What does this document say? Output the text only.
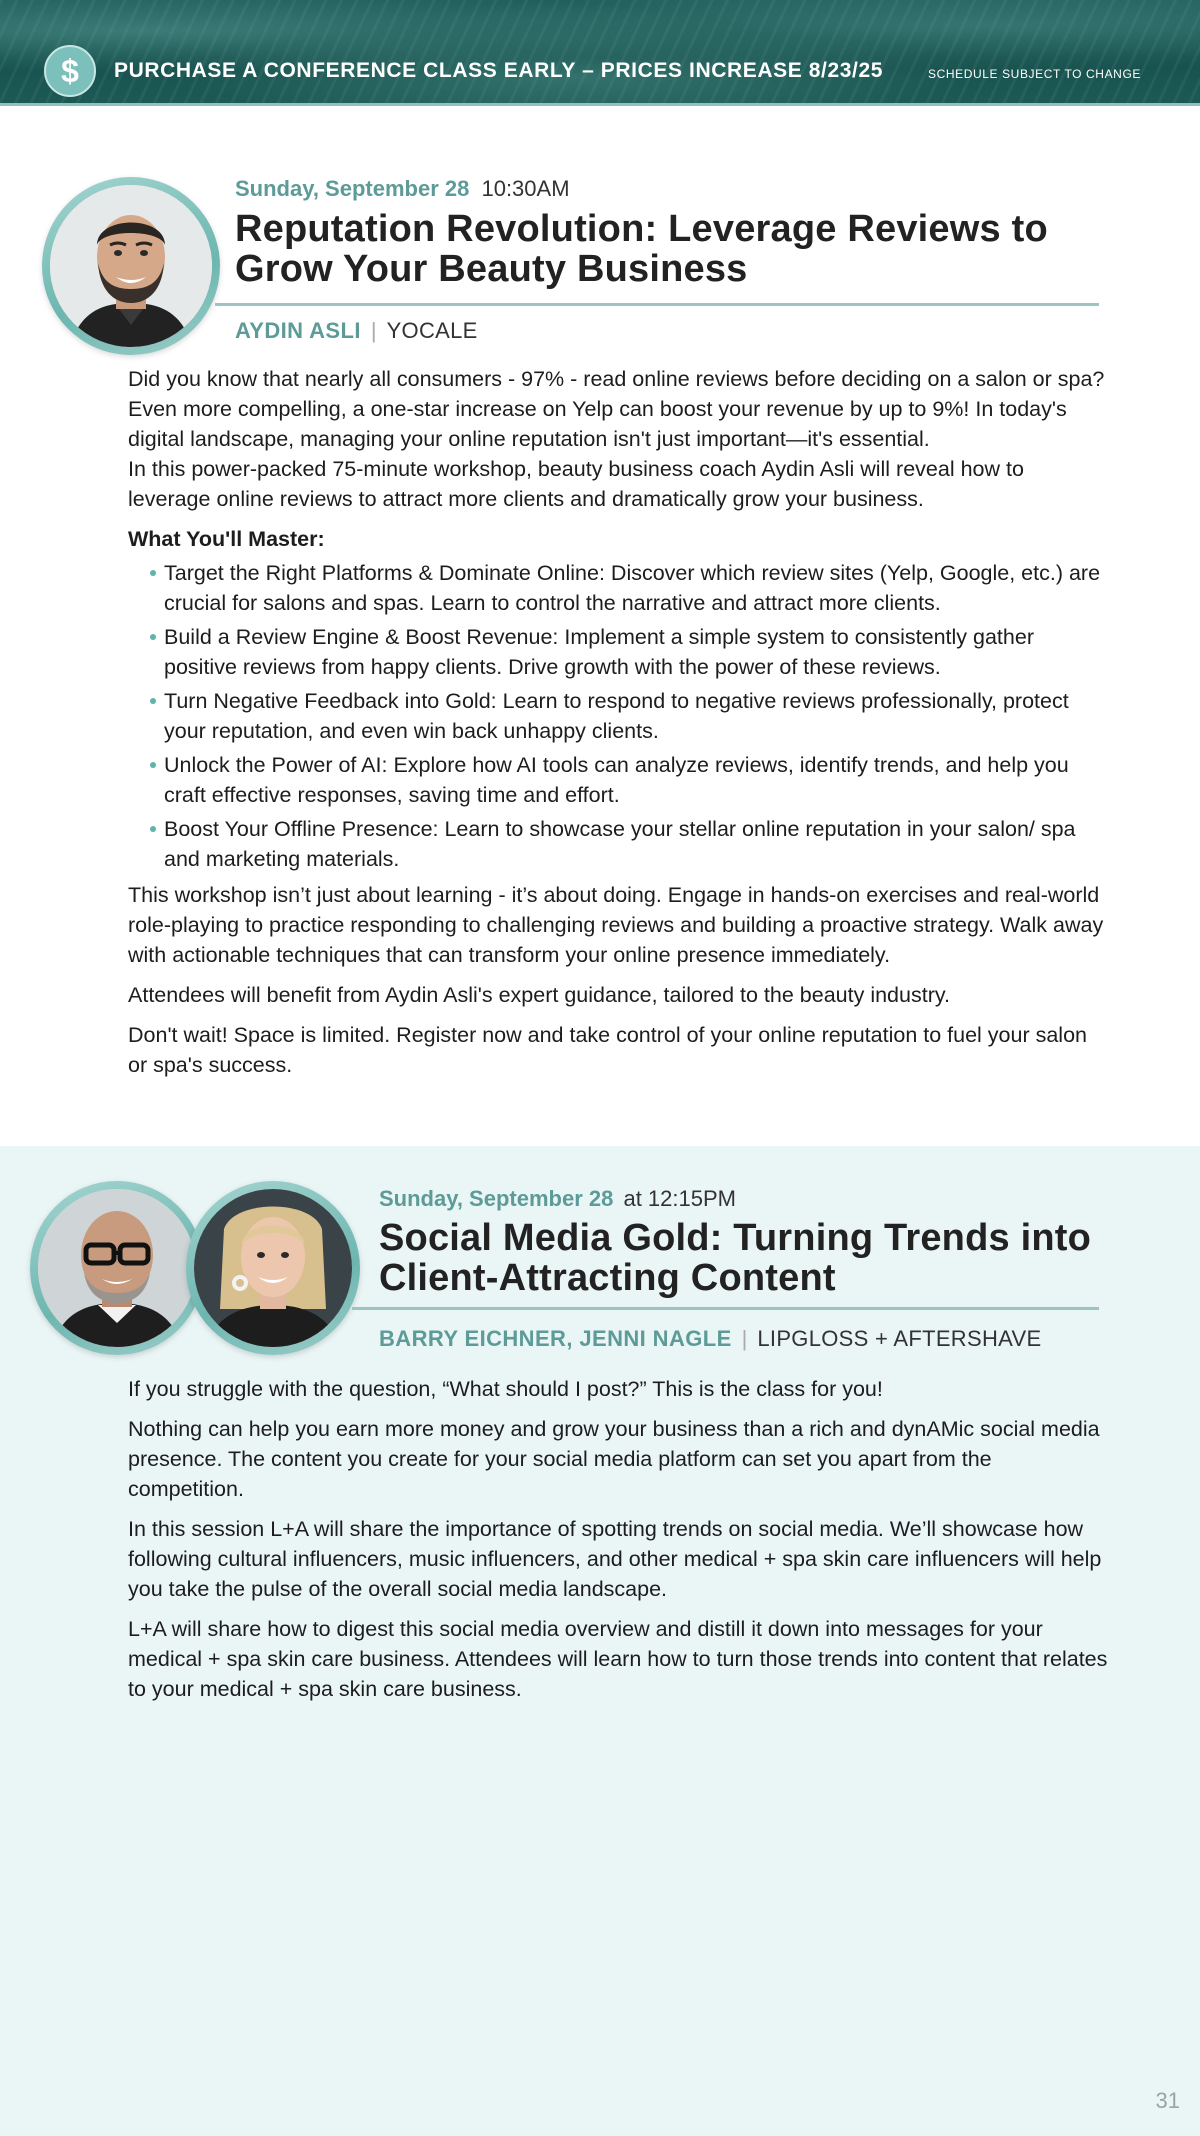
$ PURCHASE A CONFERENCE CLASS EARLY – PRICES INCREASE 8/23/25	SCHEDULE SUBJECT TO CHANGE
Sunday, September 28 10:30AM
Reputation Revolution: Leverage Reviews to Grow Your Beauty Business
AYDIN ASLI | YOCALE

Did you know that nearly all consumers - 97% - read online reviews before deciding on a salon or spa? Even more compelling, a one-star increase on Yelp can boost your revenue by up to 9%! In today's digital landscape, managing your online reputation isn't just important—it's essential.

In this power-packed 75-minute workshop, beauty business coach Aydin Asli will reveal how to leverage online reviews to attract more clients and dramatically grow your business.

What You'll Master:
Target the Right Platforms & Dominate Online: Discover which review sites (Yelp, Google, etc.) are crucial for salons and spas. Learn to control the narrative and attract more clients.
Build a Review Engine & Boost Revenue: Implement a simple system to consistently gather positive reviews from happy clients. Drive growth with the power of these reviews.
Turn Negative Feedback into Gold: Learn to respond to negative reviews professionally, protect your reputation, and even win back unhappy clients.
Unlock the Power of AI: Explore how AI tools can analyze reviews, identify trends, and help you craft effective responses, saving time and effort.
Boost Your Offline Presence: Learn to showcase your stellar online reputation in your salon/ spa and marketing materials.

This workshop isn’t just about learning - it’s about doing. Engage in hands-on exercises and real-world role-playing to practice responding to challenging reviews and building a proactive strategy. Walk away with actionable techniques that can transform your online presence immediately.

Attendees will benefit from Aydin Asli's expert guidance, tailored to the beauty industry.

Don't wait! Space is limited. Register now and take control of your online reputation to fuel your salon or spa's success.

Sunday, September 28 at 12:15PM
Social Media Gold: Turning Trends into Client-Attracting Content
BARRY EICHNER, JENNI NAGLE | LIPGLOSS + AFTERSHAVE

If you struggle with the question, “What should I post?” This is the class for you!

Nothing can help you earn more money and grow your business than a rich and dynAMic social media presence. The content you create for your social media platform can set you apart from the competition.

In this session L+A will share the importance of spotting trends on social media. We’ll showcase how following cultural influencers, music influencers, and other medical + spa skin care influencers will help you take the pulse of the overall social media landscape.

L+A will share how to digest this social media overview and distill it down into messages for your medical + spa skin care business. Attendees will learn how to turn those trends into content that relates to your medical + spa skin care business.

31
